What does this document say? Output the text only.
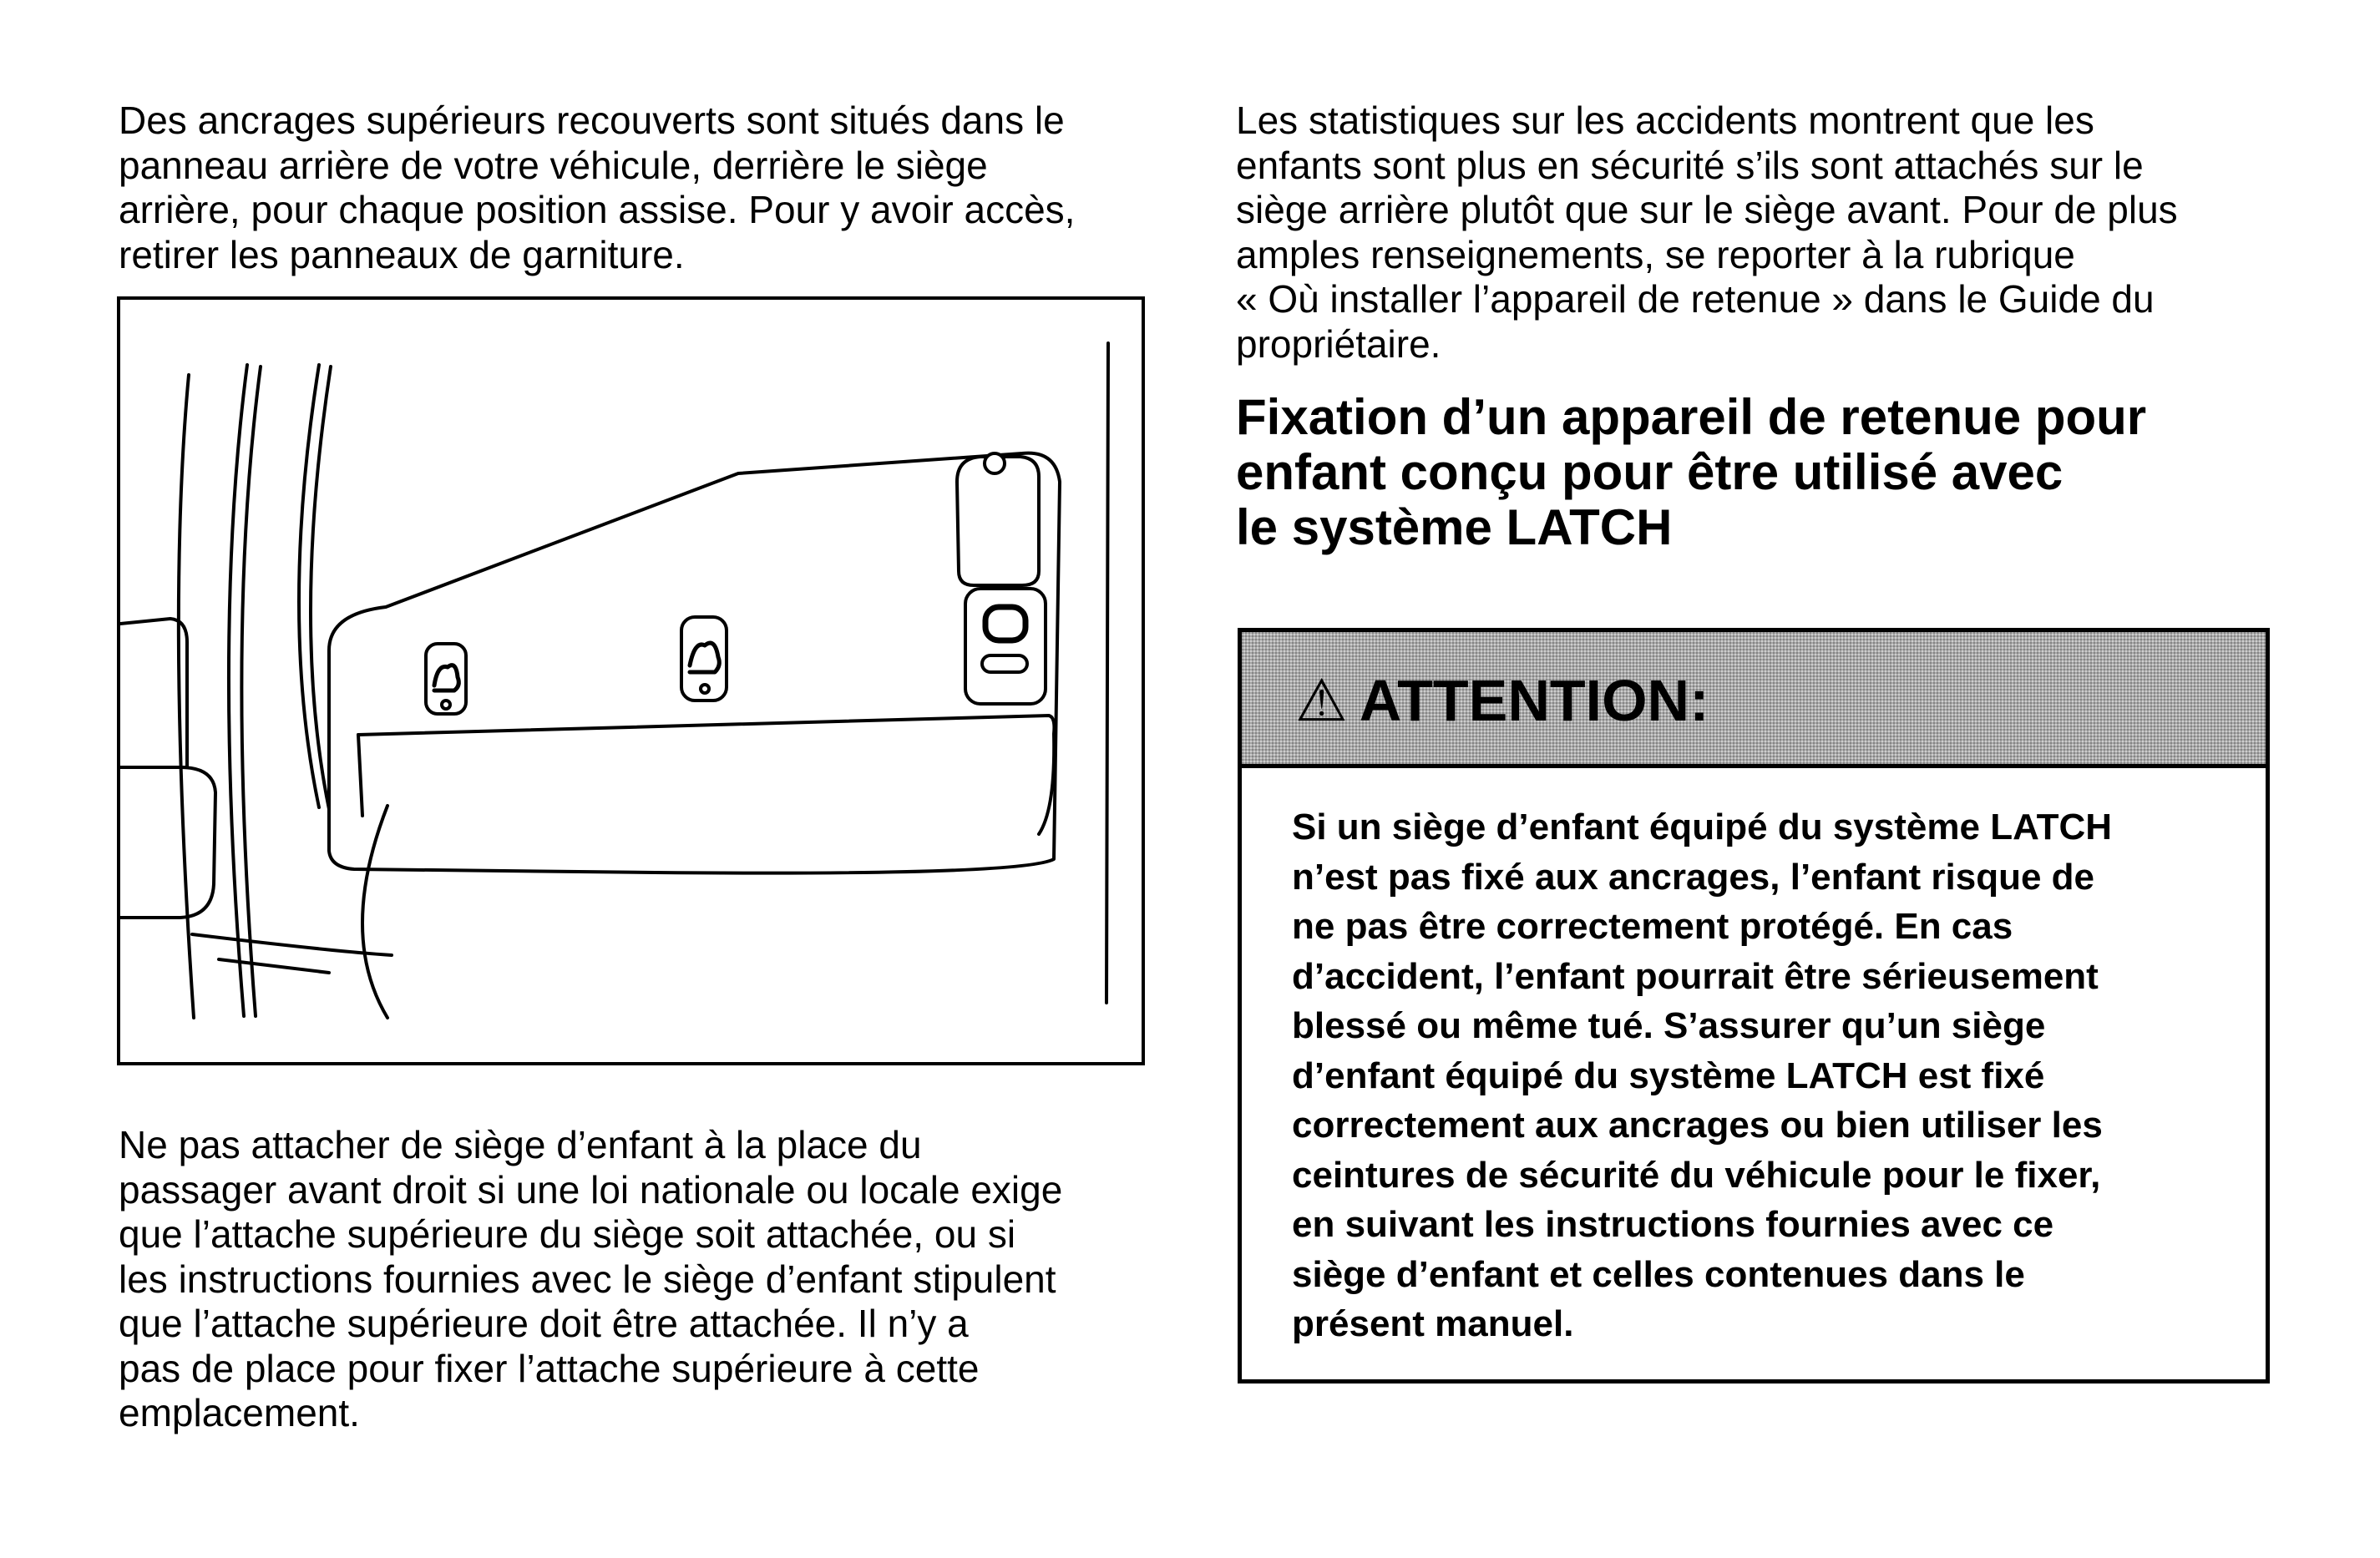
Des ancrages supérieurs recouverts sont situés dans le
panneau arrière de votre véhicule, derrière le siège
arrière, pour chaque position assise. Pour y avoir accès,
retirer les panneaux de garniture.

Ne pas attacher de siège d’enfant à la place du
passager avant droit si une loi nationale ou locale exige
que l’attache supérieure du siège soit attachée, ou si
les instructions fournies avec le siège d’enfant stipulent
que l’attache supérieure doit être attachée. Il n’y a
pas de place pour fixer l’attache supérieure à cette
emplacement.

Les statistiques sur les accidents montrent que les
enfants sont plus en sécurité s’ils sont attachés sur le
siège arrière plutôt que sur le siège avant. Pour de plus
amples renseignements, se reporter à la rubrique
« Où installer l’appareil de retenue » dans le Guide du
propriétaire.

Fixation d’un appareil de retenue pour
enfant conçu pour être utilisé avec
le système LATCH
⚠ ATTENTION:

Si un siège d’enfant équipé du système LATCH
n’est pas fixé aux ancrages, l’enfant risque de
ne pas être correctement protégé. En cas
d’accident, l’enfant pourrait être sérieusement
blessé ou même tué. S’assurer qu’un siège
d’enfant équipé du système LATCH est fixé
correctement aux ancrages ou bien utiliser les
ceintures de sécurité du véhicule pour le fixer,
en suivant les instructions fournies avec ce
siège d’enfant et celles contenues dans le
présent manuel.
